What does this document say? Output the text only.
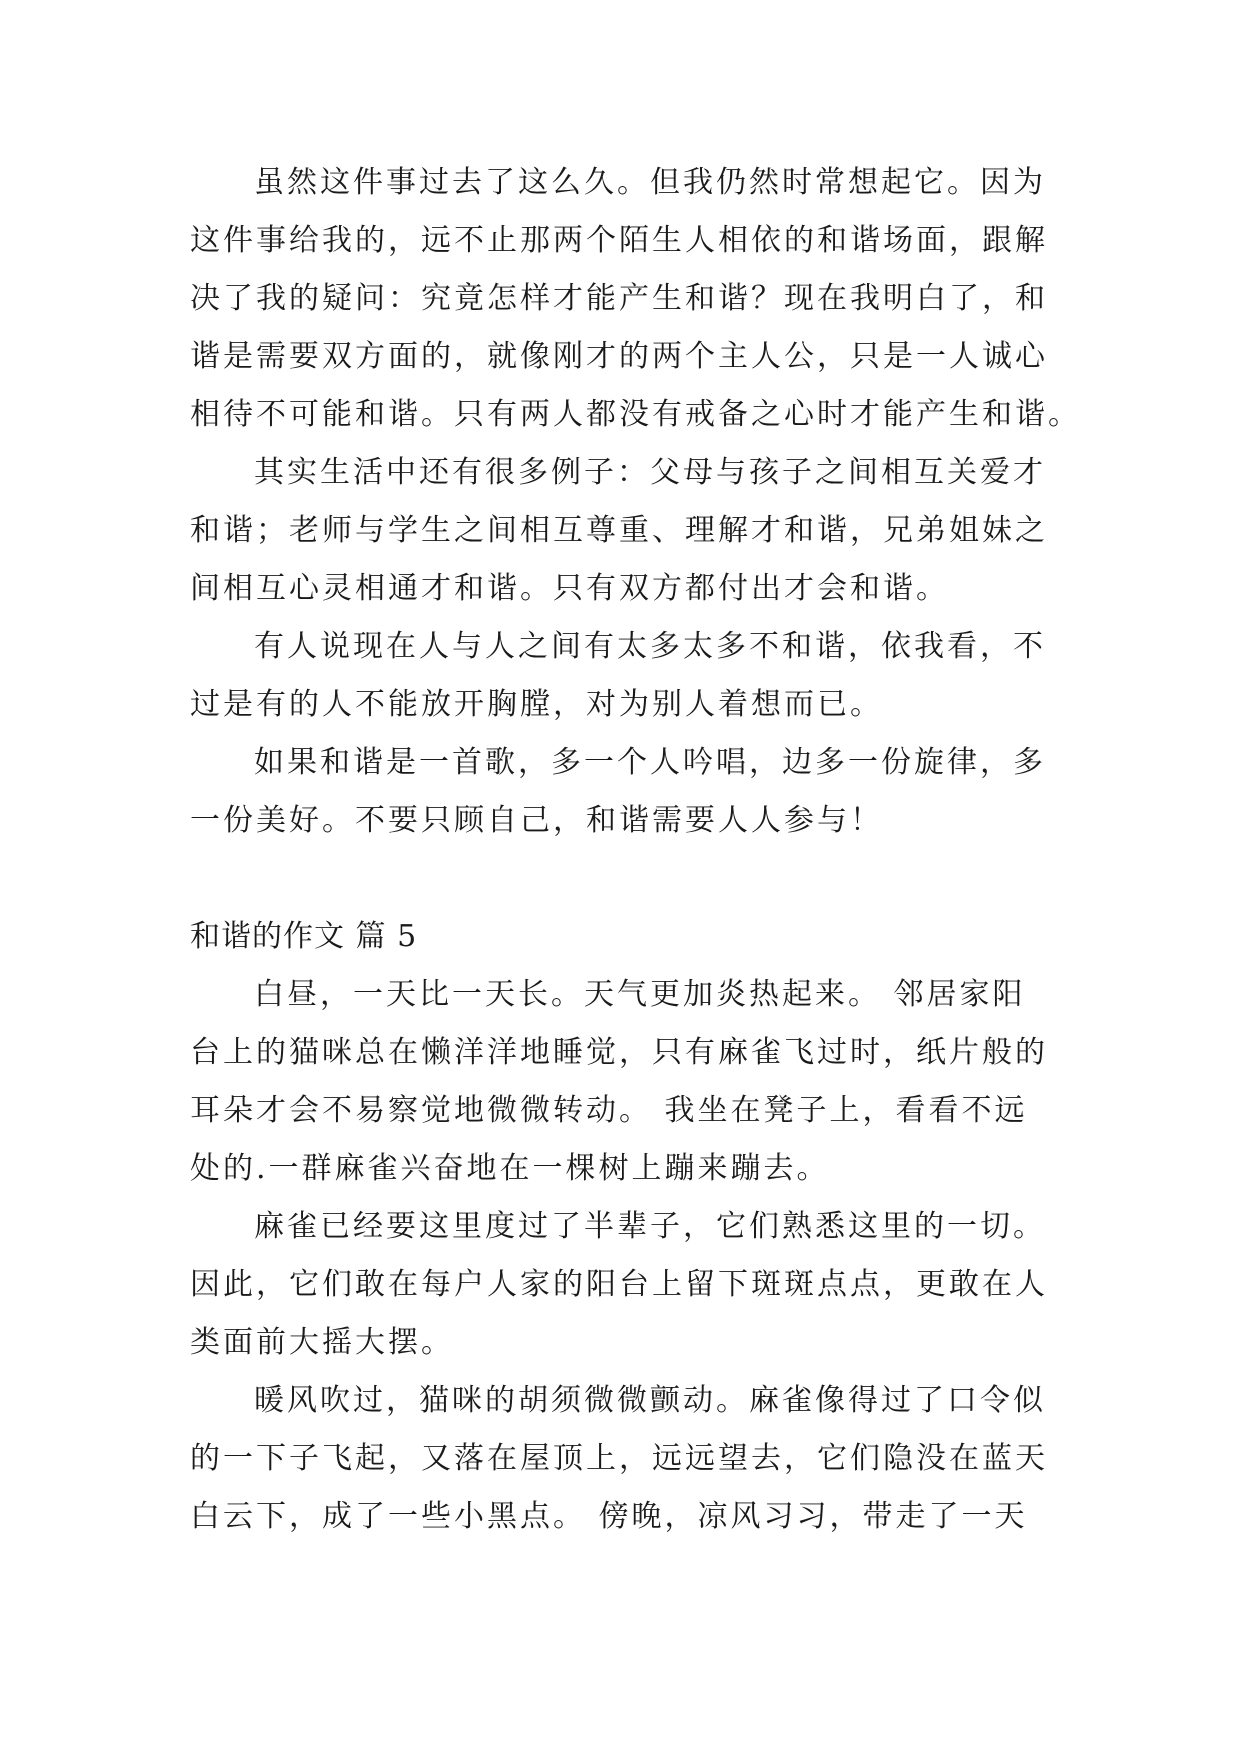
虽然这件事过去了这么久。但我仍然时常想起它。因为
这件事给我的，远不止那两个陌生人相依的和谐场面，跟解
决了我的疑问：究竟怎样才能产生和谐？现在我明白了，和
谐是需要双方面的，就像刚才的两个主人公，只是一人诚心
相待不可能和谐。只有两人都没有戒备之心时才能产生和谐。
其实生活中还有很多例子：父母与孩子之间相互关爱才
和谐；老师与学生之间相互尊重、理解才和谐，兄弟姐妹之
间相互心灵相通才和谐。只有双方都付出才会和谐。
有人说现在人与人之间有太多太多不和谐，依我看，不
过是有的人不能放开胸膛，对为别人着想而已。
如果和谐是一首歌，多一个人吟唱，边多一份旋律，多
一份美好。不要只顾自己，和谐需要人人参与！
和谐的作文 篇 5
白昼，一天比一天长。天气更加炎热起来。 邻居家阳
台上的猫咪总在懒洋洋地睡觉，只有麻雀飞过时，纸片般的
耳朵才会不易察觉地微微转动。 我坐在凳子上，看看不远
处的.一群麻雀兴奋地在一棵树上蹦来蹦去。
麻雀已经要这里度过了半辈子，它们熟悉这里的一切。
因此，它们敢在每户人家的阳台上留下斑斑点点，更敢在人
类面前大摇大摆。
暖风吹过，猫咪的胡须微微颤动。麻雀像得过了口令似
的一下子飞起，又落在屋顶上，远远望去，它们隐没在蓝天
白云下，成了一些小黑点。 傍晚，凉风习习，带走了一天
